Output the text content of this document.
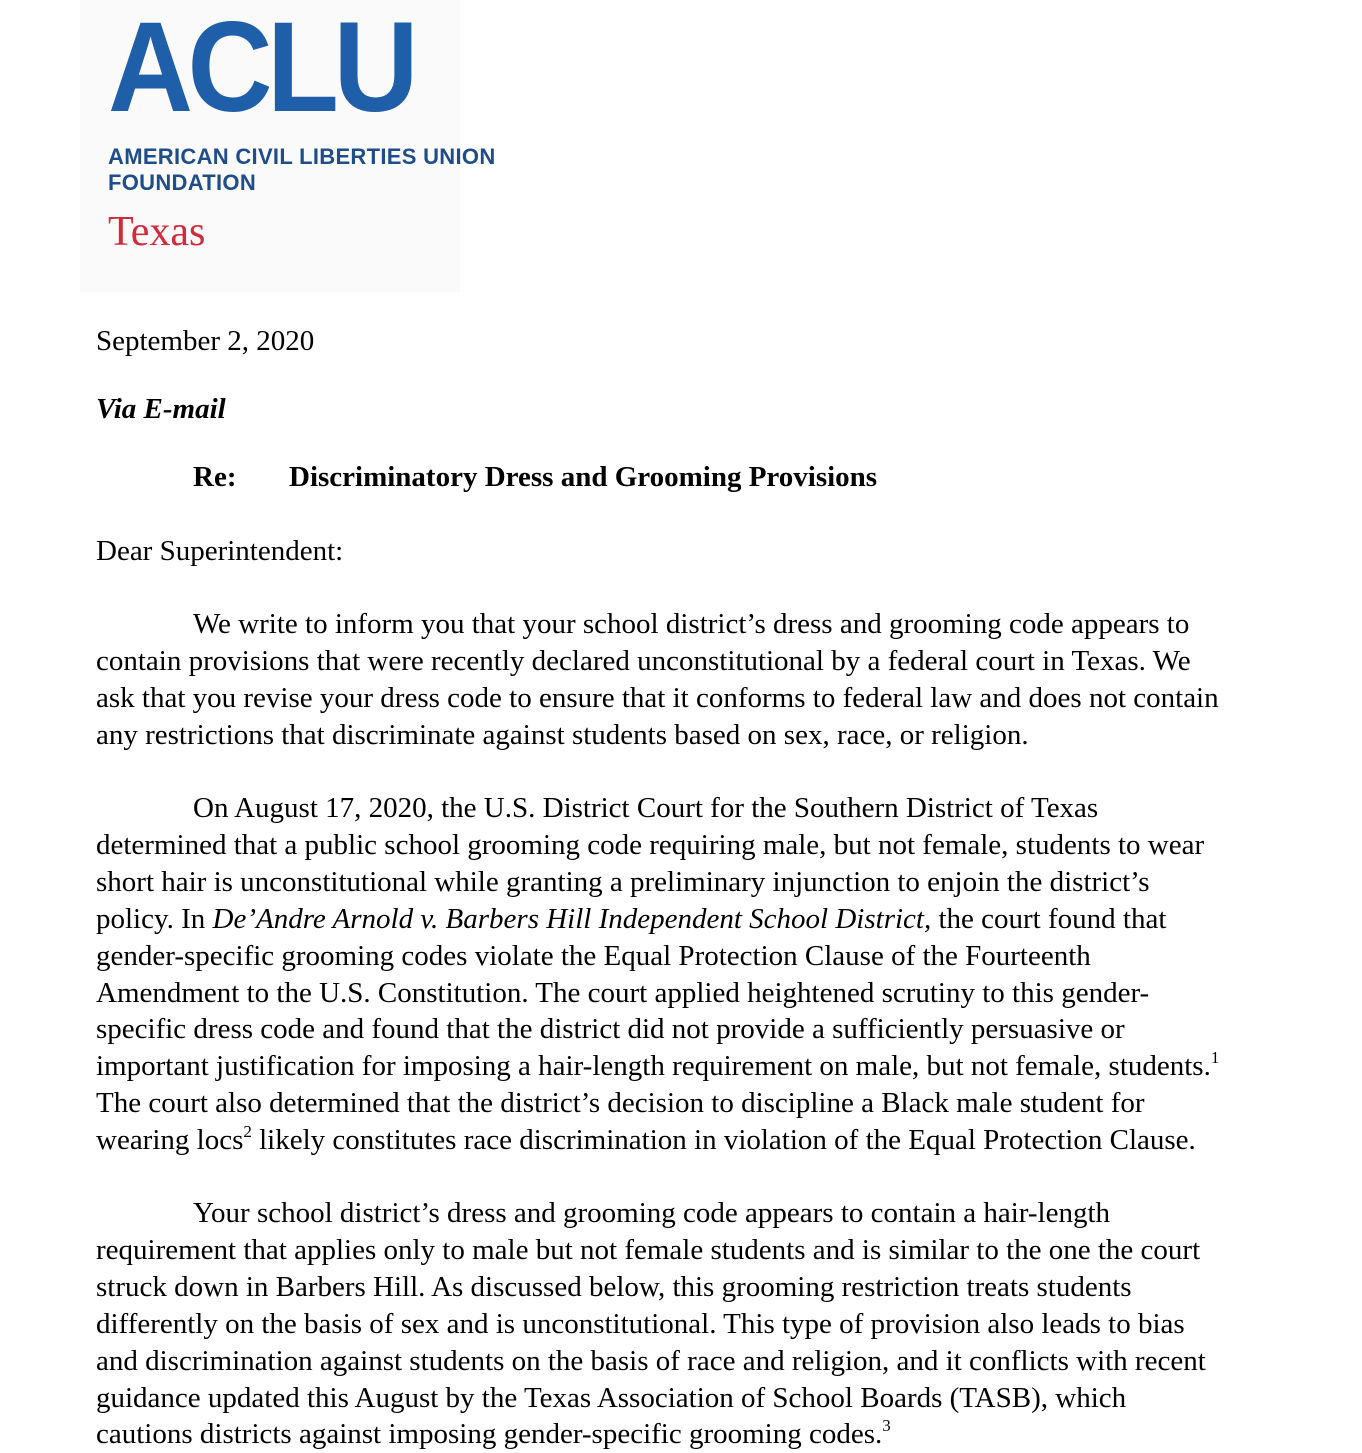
ACLU
AMERICAN CIVIL LIBERTIES UNION
FOUNDATION
Texas
September 2, 2020
Via E-mail
Re: Discriminatory Dress and Grooming Provisions
Dear Superintendent:
We write to inform you that your school district’s dress and grooming code appears to
contain provisions that were recently declared unconstitutional by a federal court in Texas. We
ask that you revise your dress code to ensure that it conforms to federal law and does not contain
any restrictions that discriminate against students based on sex, race, or religion.
On August 17, 2020, the U.S. District Court for the Southern District of Texas
determined that a public school grooming code requiring male, but not female, students to wear
short hair is unconstitutional while granting a preliminary injunction to enjoin the district’s
policy. In De’Andre Arnold v. Barbers Hill Independent School District, the court found that
gender-specific grooming codes violate the Equal Protection Clause of the Fourteenth
Amendment to the U.S. Constitution. The court applied heightened scrutiny to this gender-
specific dress code and found that the district did not provide a sufficiently persuasive or
important justification for imposing a hair-length requirement on male, but not female, students.$^1$
The court also determined that the district’s decision to discipline a Black male student for
wearing locs$^2$ likely constitutes race discrimination in violation of the Equal Protection Clause.
Your school district’s dress and grooming code appears to contain a hair-length
requirement that applies only to male but not female students and is similar to the one the court
struck down in Barbers Hill. As discussed below, this grooming restriction treats students
differently on the basis of sex and is unconstitutional. This type of provision also leads to bias
and discrimination against students on the basis of race and religion, and it conflicts with recent
guidance updated this August by the Texas Association of School Boards (TASB), which
cautions districts against imposing gender-specific grooming codes.$^3$
